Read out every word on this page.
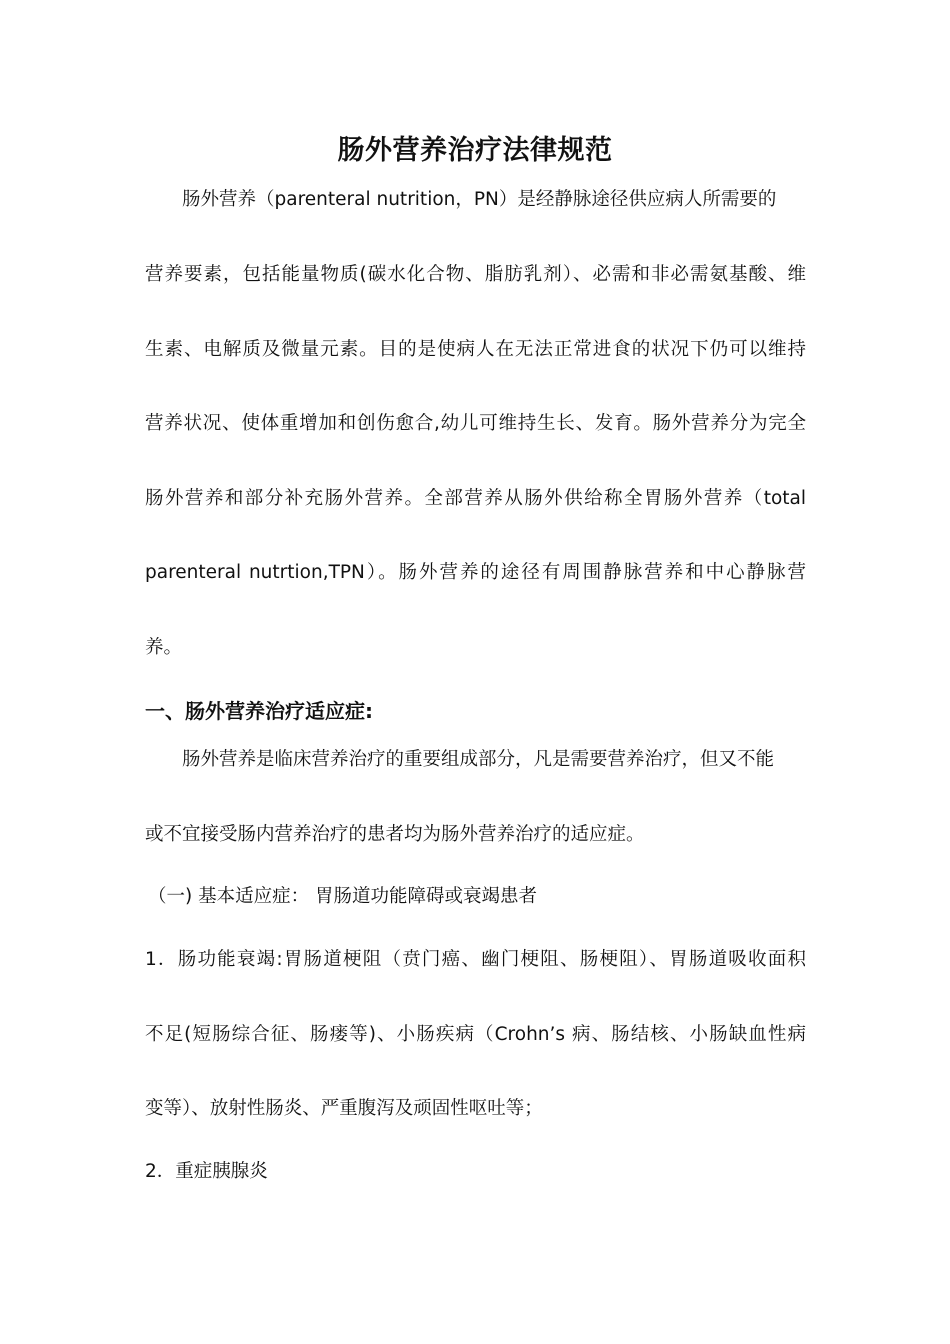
肠外营养治疗法律规范
肠外营养（parenteral nutrition，PN）是经静脉途径供应病人所需要的
营养要素，包括能量物质(碳水化合物、脂肪乳剂）、必需和非必需氨基酸、维
生素、电解质及微量元素。目的是使病人在无法正常进食的状况下仍可以维持
营养状况、使体重增加和创伤愈合,幼儿可维持生长、发育。肠外营养分为完全
肠外营养和部分补充肠外营养。全部营养从肠外供给称全胃肠外营养（total
parenteral nutrtion,TPN）。肠外营养的途径有周围静脉营养和中心静脉营
养。
一、肠外营养治疗适应症:
肠外营养是临床营养治疗的重要组成部分，凡是需要营养治疗，但又不能
或不宜接受肠内营养治疗的患者均为肠外营养治疗的适应症。
（一) 基本适应症： 胃肠道功能障碍或衰竭患者
1．肠功能衰竭:胃肠道梗阻（贲门癌、幽门梗阻、肠梗阻）、胃肠道吸收面积
不足(短肠综合征、肠瘘等)、小肠疾病（Crohn’s 病、肠结核、小肠缺血性病
变等）、放射性肠炎、严重腹泻及顽固性呕吐等；
2．重症胰腺炎
